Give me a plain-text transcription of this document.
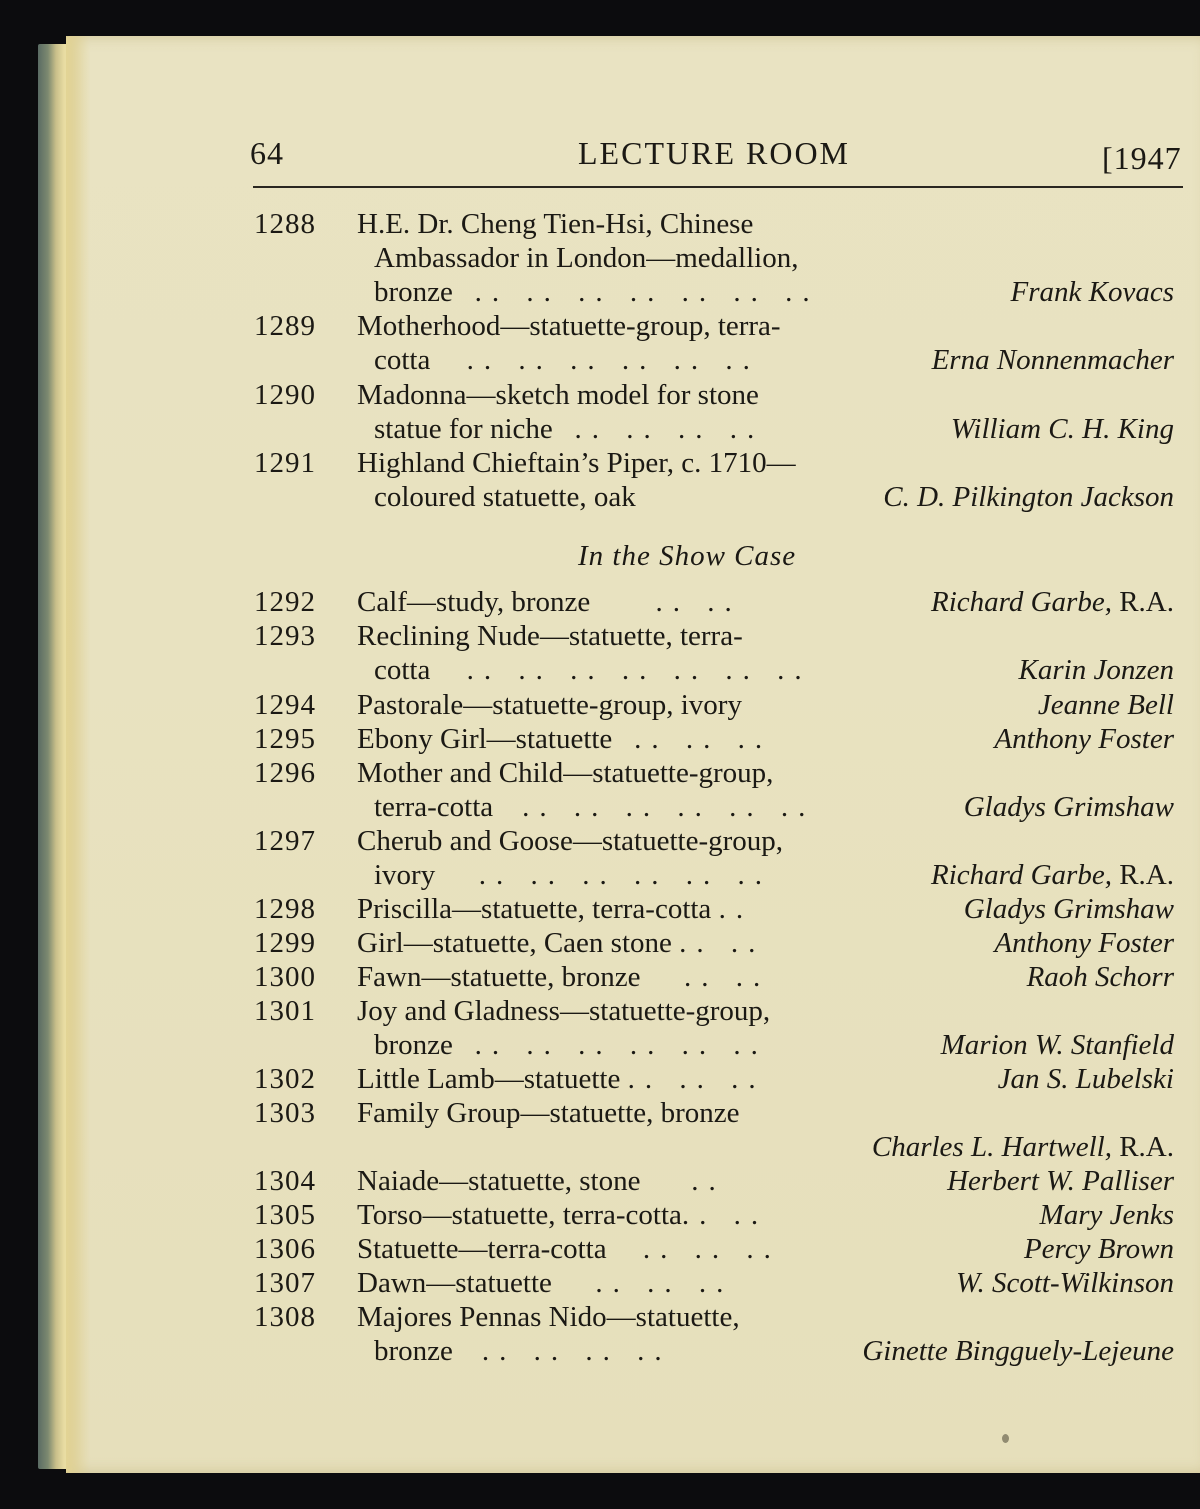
64	LECTURE ROOM	[1947
1288 H.E. Dr. Cheng Tien-Hsi, Chinese
Ambassador in London—medallion,
bronze .. .. .. .. .. .. ..	Frank Kovacs
1289 Motherhood—statuette-group, terra-
cotta .. .. .. .. .. ..	Erna Nonnenmacher
1290 Madonna—sketch model for stone
statue for niche .. .. .. ..	William C. H. King
1291 Highland Chieftain’s Piper, c. 1710—
coloured statuette, oak	C. D. Pilkington Jackson
In the Show Case
1292 Calf—study, bronze .. ..	Richard Garbe, R.A.
1293 Reclining Nude—statuette, terra-
cotta .. .. .. .. .. .. ..	Karin Jonzen
1294 Pastorale—statuette-group, ivory	Jeanne Bell
1295 Ebony Girl—statuette .. .. ..	Anthony Foster
1296 Mother and Child—statuette-group,
terra-cotta .. .. .. .. .. ..	Gladys Grimshaw
1297 Cherub and Goose—statuette-group,
ivory .. .. .. .. .. ..	Richard Garbe, R.A.
1298 Priscilla—statuette, terra-cotta ..	Gladys Grimshaw
1299 Girl—statuette, Caen stone .. ..	Anthony Foster
1300 Fawn—statuette, bronze .. ..	Raoh Schorr
1301 Joy and Gladness—statuette-group,
bronze .. .. .. .. .. ..	Marion W. Stanfield
1302 Little Lamb—statuette .. .. ..	Jan S. Lubelski
1303 Family Group—statuette, bronze
Charles L. Hartwell, R.A.
1304 Naiade—statuette, stone ..	Herbert W. Palliser
1305 Torso—statuette, terra-cotta.. ..	Mary Jenks
1306 Statuette—terra-cotta .. .. ..	Percy Brown
1307 Dawn—statuette .. .. ..	W. Scott-Wilkinson
1308 Majores Pennas Nido—statuette,
bronze .. .. .. ..	Ginette Bingguely-Lejeune
